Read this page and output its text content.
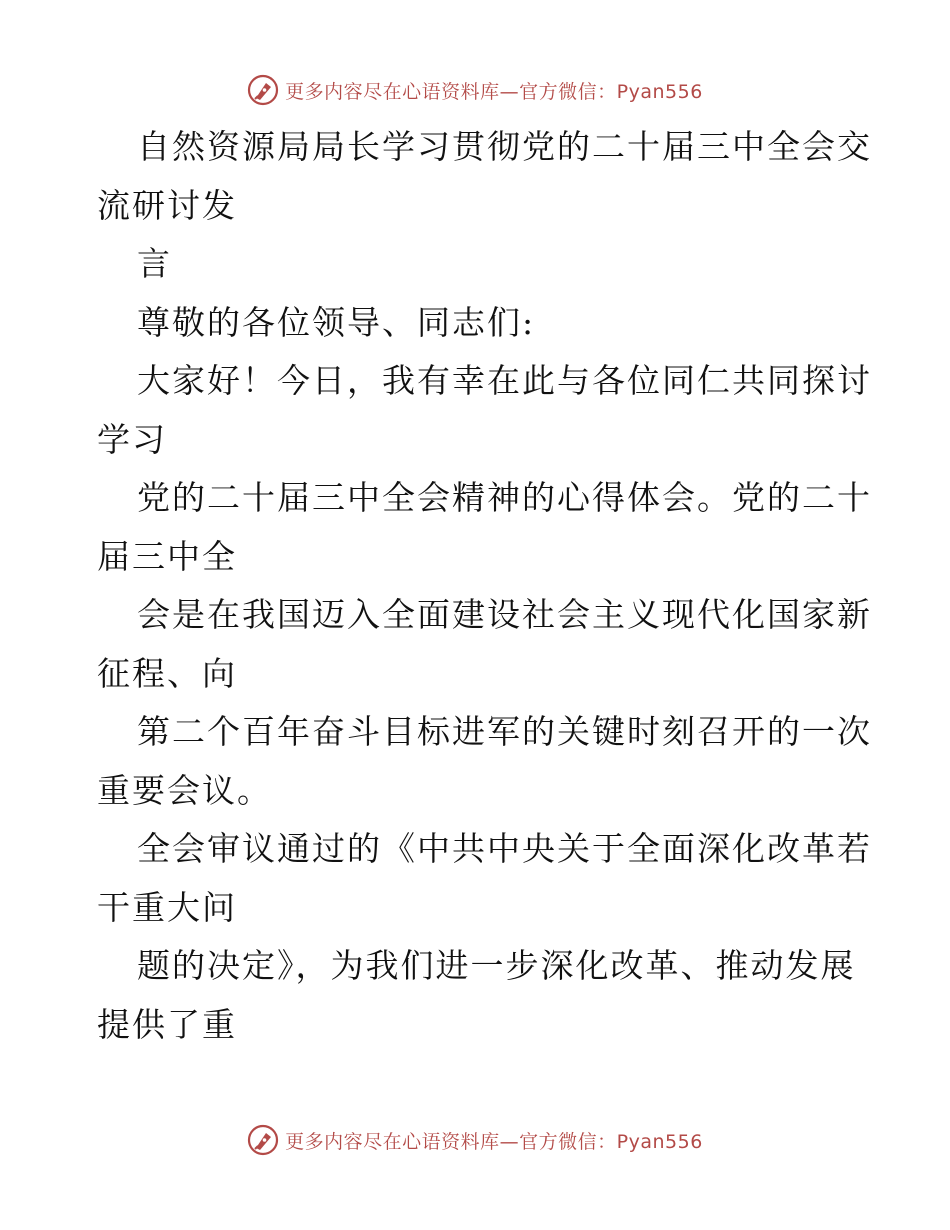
更多内容尽在心语资料库—官方微信：Pyan556
自然资源局局长学习贯彻党的二十届三中全会交
流研讨发
言
尊敬的各位领导、同志们:
大家好！今日，我有幸在此与各位同仁共同探讨
学习
党的二十届三中全会精神的心得体会。党的二十
届三中全
会是在我国迈入全面建设社会主义现代化国家新
征程、向
第二个百年奋斗目标进军的关键时刻召开的一次
重要会议。
全会审议通过的《中共中央关于全面深化改革若
干重大问
题的决定》，为我们进一步深化改革、推动发展
提供了重
更多内容尽在心语资料库—官方微信：Pyan556
